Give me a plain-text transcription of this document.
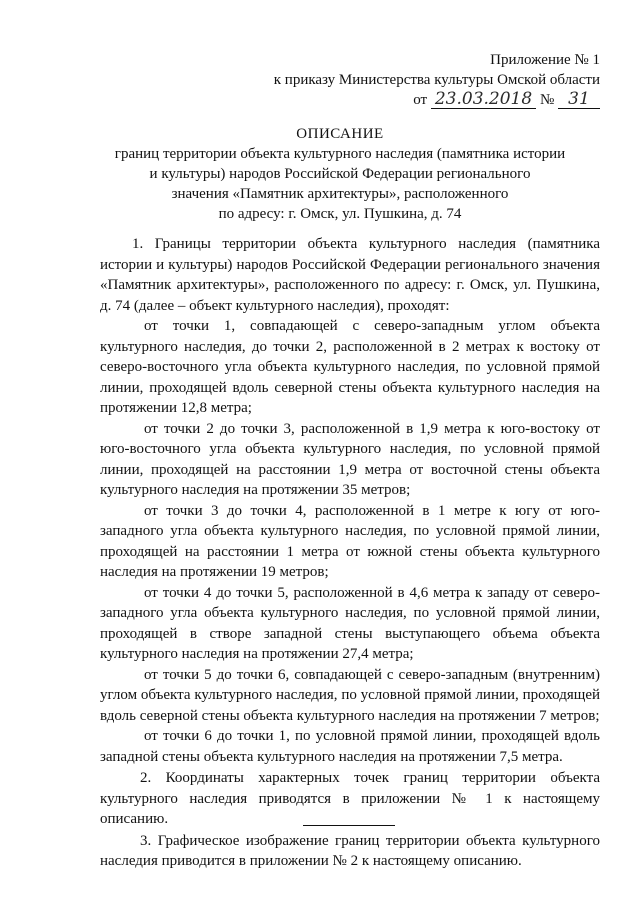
Приложение № 1
к приказу Министерства культуры Омской области
от 23.03.2018 № 31
ОПИСАНИЕ
границ территории объекта культурного наследия (памятника истории
и культуры) народов Российской Федерации регионального
значения «Памятник архитектуры», расположенного
по адресу: г. Омск, ул. Пушкина, д. 74

1. Границы территории объекта культурного наследия (памятника истории и культуры) народов Российской Федерации регионального значения «Памятник архитектуры», расположенного по адресу: г. Омск, ул. Пушкина, д. 74 (далее – объект культурного наследия), проходят:

от точки 1, совпадающей с северо-западным углом объекта культурного наследия, до точки 2, расположенной в 2 метрах к востоку от северо-восточного угла объекта культурного наследия, по условной прямой линии, проходящей вдоль северной стены объекта культурного наследия на протяжении 12,8 метра;

от точки 2 до точки 3, расположенной в 1,9 метра к юго-востоку от юго-восточного угла объекта культурного наследия, по условной прямой линии, проходящей на расстоянии 1,9 метра от восточной стены объекта культурного наследия на протяжении 35 метров;

от точки 3 до точки 4, расположенной в 1 метре к югу от юго-западного угла объекта культурного наследия, по условной прямой линии, проходящей на расстоянии 1 метра от южной стены объекта культурного наследия на протяжении 19 метров;

от точки 4 до точки 5, расположенной в 4,6 метра к западу от северо-западного угла объекта культурного наследия, по условной прямой линии, проходящей в створе западной стены выступающего объема объекта культурного наследия на протяжении 27,4 метра;

от точки 5 до точки 6, совпадающей с северо-западным (внутренним) углом объекта культурного наследия, по условной прямой линии, проходящей вдоль северной стены объекта культурного наследия на протяжении 7 метров;

от точки 6 до точки 1, по условной прямой линии, проходящей вдоль западной стены объекта культурного наследия на протяжении 7,5 метра.

2. Координаты характерных точек границ территории объекта культурного наследия приводятся в приложении № 1 к настоящему описанию.

3. Графическое изображение границ территории объекта культурного наследия приводится в приложении № 2 к настоящему описанию.
